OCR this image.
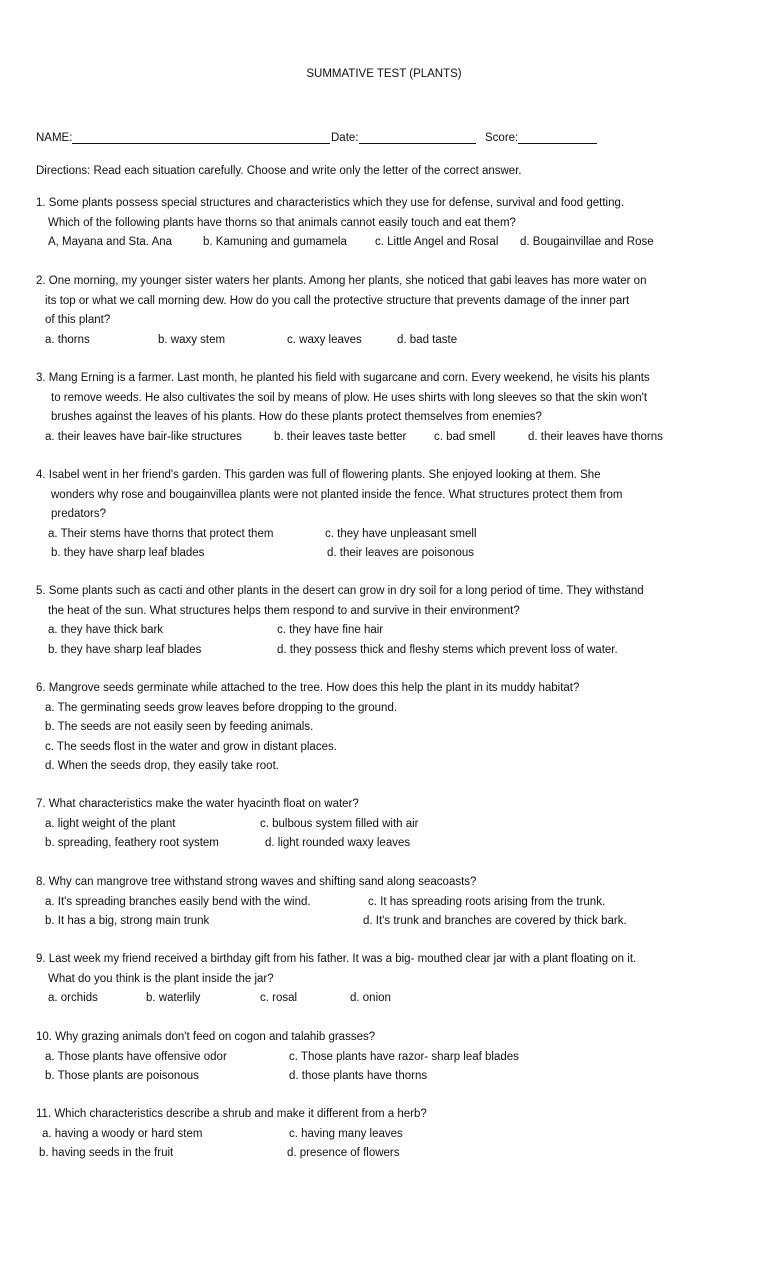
SUMMATIVE TEST (PLANTS)
NAME:	Date:	Score:
Directions: Read each situation carefully. Choose and write only the letter of the correct answer.

1. Some plants possess special structures and characteristics which they use for defense, survival and food getting.

Which of the following plants have thorns so that animals cannot easily touch and eat them?

A, Mayana and Sta. Ana	b. Kamuning and gumamela c. Little Angel and Rosal d. Bougainvillae and Rose

2. One morning, my younger sister waters her plants. Among her plants, she noticed that gabi leaves has more water on

its top or what we call morning dew. How do you call the protective structure that prevents damage of the inner part

of this plant?

a. thorns	b. waxy stem	c. waxy leaves	d. bad taste

3. Mang Erning is a farmer. Last month, he planted his field with sugarcane and corn. Every weekend, he visits his plants

to remove weeds. He also cultivates the soil by means of plow. He uses shirts with long sleeves so that the skin won't

brushes against the leaves of his plants. How do these plants protect themselves from enemies?

a. their leaves have bair-like structures	b. their leaves taste better c. bad smell	d. their leaves have thorns

4. Isabel went in her friend's garden. This garden was full of flowering plants. She enjoyed looking at them. She

wonders why rose and bougainvillea plants were not planted inside the fence. What structures protect them from

predators?

a. Their stems have thorns that protect them	c. they have unpleasant smell
b. they have sharp leaf blades	d. their leaves are poisonous

5. Some plants such as cacti and other plants in the desert can grow in dry soil for a long period of time. They withstand

the heat of the sun. What structures helps them respond to and survive in their environment?

a. they have thick bark	c. they have fine hair
b. they have sharp leaf blades	d. they possess thick and fleshy stems which prevent loss of water.

6. Mangrove seeds germinate while attached to the tree. How does this help the plant in its muddy habitat?

a. The germinating seeds grow leaves before dropping to the ground.

b. The seeds are not easily seen by feeding animals.

c. The seeds flost in the water and grow in distant places.

d. When the seeds drop, they easily take root.

7. What characteristics make the water hyacinth float on water?

a. light weight of the plant	c. bulbous system filled with air
b. spreading, feathery root system	d. light rounded waxy leaves

8. Why can mangrove tree withstand strong waves and shifting sand along seacoasts?

a. It's spreading branches easily bend with the wind.	c. It has spreading roots arising from the trunk.
b. It has a big, strong main trunk	d. It's trunk and branches are covered by thick bark.

9. Last week my friend received a birthday gift from his father. It was a big- mouthed clear jar with a plant floating on it.

What do you think is the plant inside the jar?

a. orchids	b. waterlily	c. rosal	d. onion

10. Why grazing animals don't feed on cogon and talahib grasses?

a. Those plants have offensive odor	c. Those plants have razor- sharp leaf blades
b. Those plants are poisonous	d. those plants have thorns

11. Which characteristics describe a shrub and make it different from a herb?

a. having a woody or hard stem	c. having many leaves
b. having seeds in the fruit	d. presence of flowers
